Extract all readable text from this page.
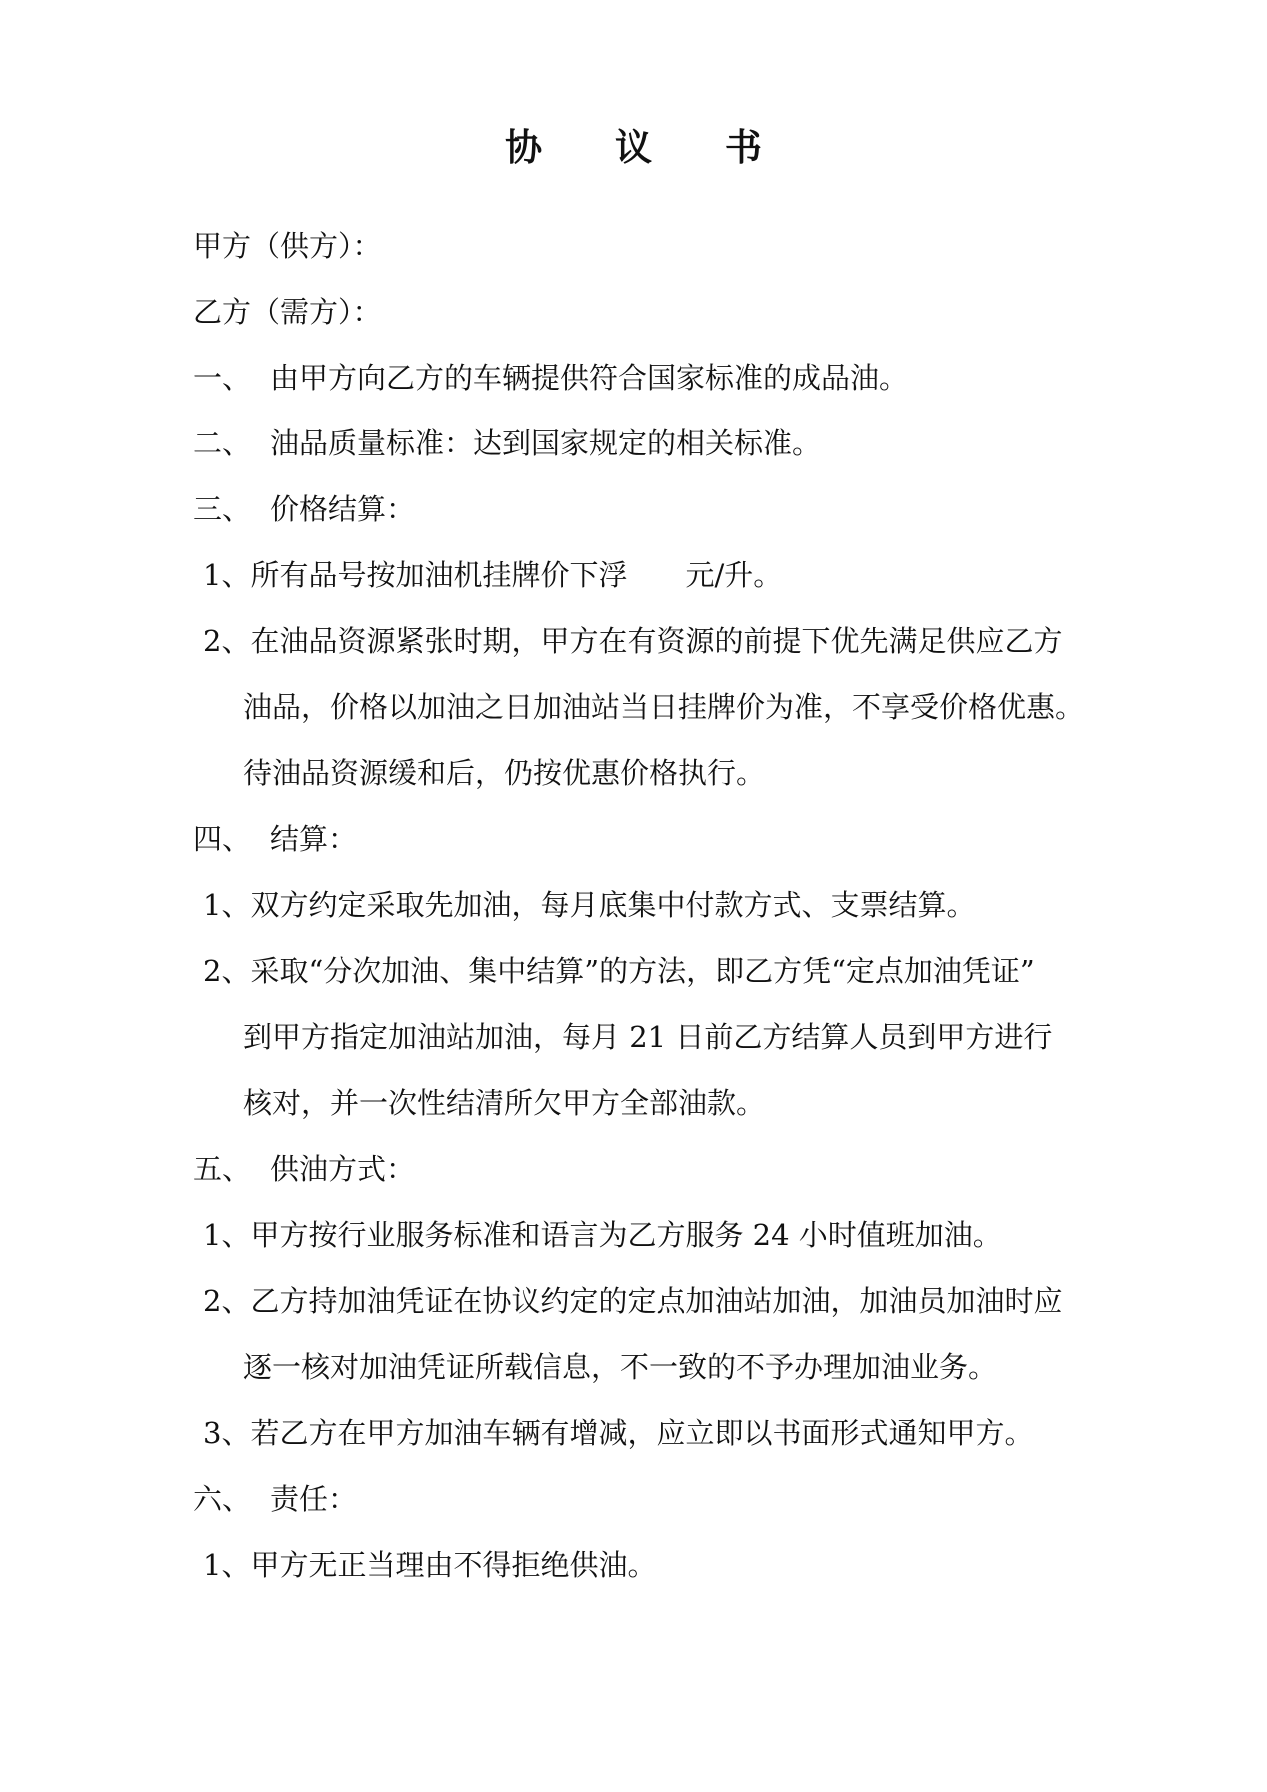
协 议 书
甲方（供方）：
乙方（需方）：
一、 由甲方向乙方的车辆提供符合国家标准的成品油。
二、 油品质量标准：达到国家规定的相关标准。
三、 价格结算：
1、所有品号按加油机挂牌价下浮　　元/升。
2、在油品资源紧张时期，甲方在有资源的前提下优先满足供应乙方
油品，价格以加油之日加油站当日挂牌价为准，不享受价格优惠。
待油品资源缓和后，仍按优惠价格执行。
四、 结算：
1、双方约定采取先加油，每月底集中付款方式、支票结算。
2、采取“分次加油、集中结算”的方法，即乙方凭“定点加油凭证”
到甲方指定加油站加油，每月 21 日前乙方结算人员到甲方进行
核对，并一次性结清所欠甲方全部油款。
五、 供油方式：
1、甲方按行业服务标准和语言为乙方服务 24 小时值班加油。
2、乙方持加油凭证在协议约定的定点加油站加油，加油员加油时应
逐一核对加油凭证所载信息，不一致的不予办理加油业务。
3、若乙方在甲方加油车辆有增减，应立即以书面形式通知甲方。
六、 责任：
1、甲方无正当理由不得拒绝供油。
